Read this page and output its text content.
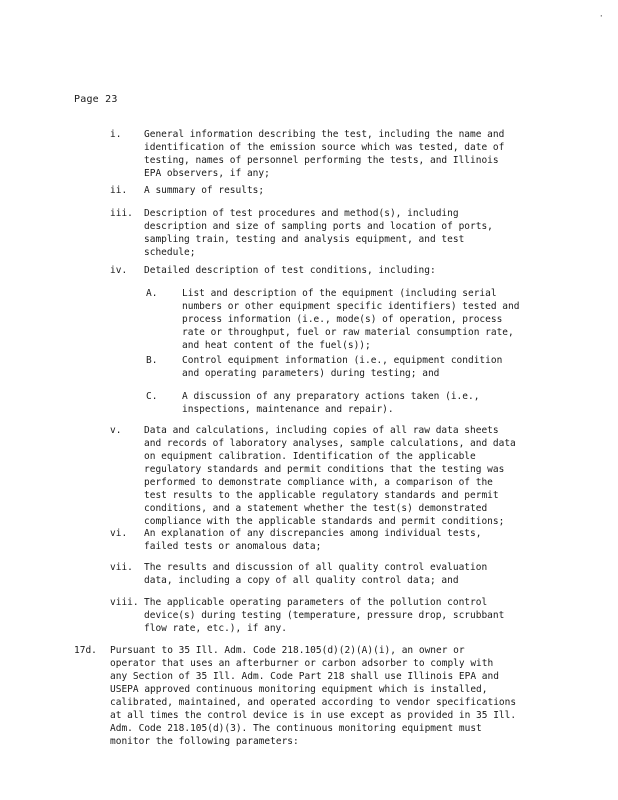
·
Page 23
i. General information describing the test, including the name and
identification of the emission source which was tested, date of
testing, names of personnel performing the tests, and Illinois
EPA observers, if any;
ii. A summary of results;
iii. Description of test procedures and method(s), including
description and size of sampling ports and location of ports,
sampling train, testing and analysis equipment, and test
schedule;
iv. Detailed description of test conditions, including:
A.	List and description of the equipment (including serial
numbers or other equipment specific identifiers) tested and
process information (i.e., mode(s) of operation, process
rate or throughput, fuel or raw material consumption rate,
and heat content of the fuel(s));
B.	Control equipment information (i.e., equipment condition
and operating parameters) during testing; and
C.	A discussion of any preparatory actions taken (i.e.,
inspections, maintenance and repair).
v. Data and calculations, including copies of all raw data sheets
and records of laboratory analyses, sample calculations, and data
on equipment calibration. Identification of the applicable
regulatory standards and permit conditions that the testing was
performed to demonstrate compliance with, a comparison of the
test results to the applicable regulatory standards and permit
conditions, and a statement whether the test(s) demonstrated
compliance with the applicable standards and permit conditions;
vi. An explanation of any discrepancies among individual tests,
failed tests or anomalous data;
vii. The results and discussion of all quality control evaluation
data, including a copy of all quality control data; and
viii. The applicable operating parameters of the pollution control
device(s) during testing (temperature, pressure drop, scrubbant
flow rate, etc.), if any.
17d. Pursuant to 35 Ill. Adm. Code 218.105(d)(2)(A)(i), an owner or
operator that uses an afterburner or carbon adsorber to comply with
any Section of 35 Ill. Adm. Code Part 218 shall use Illinois EPA and
USEPA approved continuous monitoring equipment which is installed,
calibrated, maintained, and operated according to vendor specifications
at all times the control device is in use except as provided in 35 Ill.
Adm. Code 218.105(d)(3). The continuous monitoring equipment must
monitor the following parameters:
